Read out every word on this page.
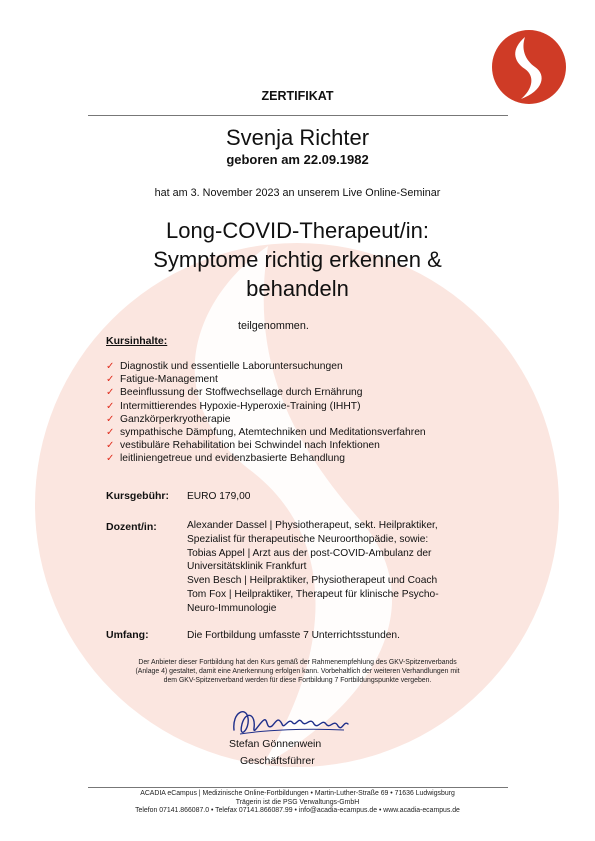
ZERTIFIKAT
Svenja Richter
geboren am 22.09.1982
hat am 3. November 2023 an unserem Live Online-Seminar
Long-COVID-Therapeut/in:
Symptome richtig erkennen &
behandeln
teilgenommen.
Kursinhalte:
✓ Diagnostik und essentielle Laboruntersuchungen
✓ Fatigue-Management
✓ Beeinflussung der Stoffwechsellage durch Ernährung
✓ Intermittierendes Hypoxie-Hyperoxie-Training (IHHT)
✓ Ganzkörperkryotherapie
✓ sympathische Dämpfung, Atemtechniken und Meditationsverfahren
✓ vestibuläre Rehabilitation bei Schwindel nach Infektionen
✓ leitliniengetreue und evidenzbasierte Behandlung
Kursgebühr: EURO 179,00
Dozent/in:	Alexander Dassel | Physiotherapeut, sekt. Heilpraktiker,
Spezialist für therapeutische Neuroorthopädie, sowie:
Tobias Appel | Arzt aus der post-COVID-Ambulanz der
Universitätsklinik Frankfurt
Sven Besch | Heilpraktiker, Physiotherapeut und Coach
Tom Fox | Heilpraktiker, Therapeut für klinische Psycho-
Neuro-Immunologie
Umfang:	Die Fortbildung umfasste 7 Unterrichtsstunden.
Der Anbieter dieser Fortbildung hat den Kurs gemäß der Rahmenempfehlung des GKV-Spitzenverbands
(Anlage 4) gestaltet, damit eine Anerkennung erfolgen kann. Vorbehaltlich der weiteren Verhandlungen mit
dem GKV-Spitzenverband werden für diese Fortbildung 7 Fortbildungspunkte vergeben.
Stefan Gönnenwein
Geschäftsführer
ACADIA eCampus | Medizinische Online-Fortbildungen • Martin-Luther-Straße 69 • 71636 Ludwigsburg
Trägerin ist die PSG Verwaltungs-GmbH
Telefon 07141.866087.0 • Telefax 07141.866087.99 • info@acadia-ecampus.de • www.acadia-ecampus.de
